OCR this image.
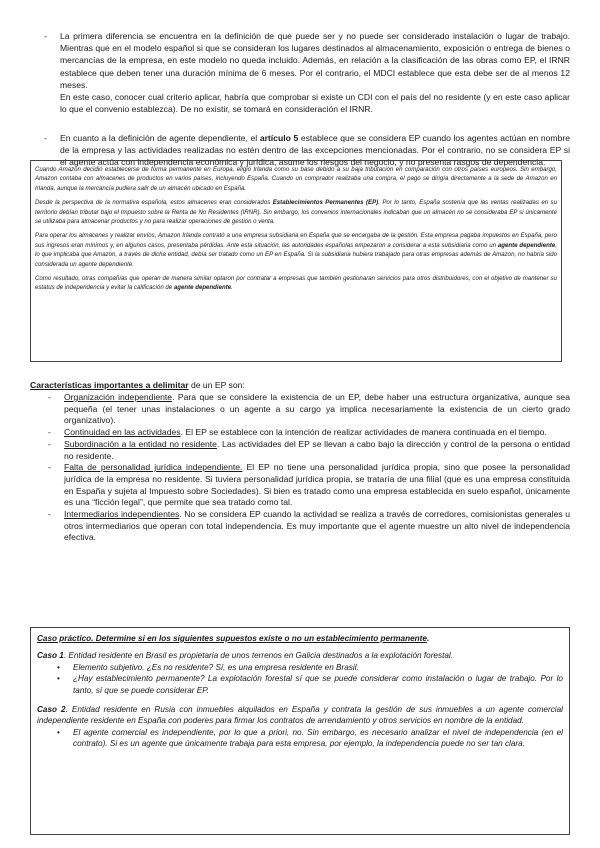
- La primera diferencia se encuentra en la definición de que puede ser y no puede ser considerado instalación o lugar de trabajo. Mientras que en el modelo español si que se consideran los lugares destinados al almacenamiento, exposición o entrega de bienes o mercancías de la empresa, en este modelo no queda incluido. Además, en relación a la clasificación de las obras como EP, el IRNR establece que deben tener una duración mínima de 6 meses. Por el contrario, el MDCI establece que esta debe ser de al menos 12 meses.

En este caso, conocer cual criterio aplicar, habría que comprobar si existe un CDI con el país del no residente (y en este caso aplicar lo que el convenio establezca). De no existir, se tomará en consideración el IRNR.

- En cuanto a la definición de agente dependiente, el artículo 5 establece que se considera EP cuando los agentes actúan en nombre de la empresa y las actividades realizadas no estén dentro de las excepciones mencionadas. Por el contrario, no se considera EP si el agente actúa con independencia económica y jurídica, asume los riesgos del negocio, y no presenta rasgos de dependencia.

Cuando Amazon decidió establecerse de forma permanente en Europa, eligió Irlanda como su base debido a su baja tributación en comparación con otros países europeos. Sin embargo, Amazon contaba con almacenes de productos en varios países, incluyendo España. Cuando un comprador realizaba una compra, el pago se dirigía directamente a la sede de Amazon en Irlanda, aunque la mercancía pudiera salir de un almacén ubicado en España.

Desde la perspectiva de la normativa española, estos almacenes eran considerados Establecimientos Permanentes (EP). Por lo tanto, España sostenía que las ventas realizadas en su territorio debían tributar bajo el Impuesto sobre la Renta de No Residentes (IRNR). Sin embargo, los convenios internacionales indicaban que un almacén no se consideraba EP si únicamente se utilizaba para almacenar productos y no para realizar operaciones de gestión o venta.

Para operar los almacenes y realizar envíos, Amazon Irlanda contrató a una empresa subsidiaria en España que se encargaba de la gestión. Esta empresa pagaba impuestos en España, pero sus ingresos eran mínimos y, en algunos casos, presentaba pérdidas. Ante esta situación, las autoridades españolas empezaron a considerar a esta subsidiaria como un agente dependiente, lo que implicaba que Amazon, a través de dicha entidad, debía ser tratado como un EP en España. Si la subsidiaria hubiera trabajado para otras empresas además de Amazon, no habría sido considerada un agente dependiente.

Como resultado, otras compañías que operan de manera similar optaron por contratar a empresas que también gestionaran servicios para otros distribuidores, con el objetivo de mantener su estatus de independencia y evitar la calificación de agente dependiente.

Características importantes a delimitar de un EP son:
- Organización independiente. Para que se considere la existencia de un EP, debe haber una estructura organizativa, aunque sea pequeña (el tener unas instalaciones o un agente a su cargo ya implica necesariamente la existencia de un cierto grado organizativo).
- Continuidad en las actividades. El EP se establece con la intención de realizar actividades de manera continuada en el tiempo.
- Subordinación a la entidad no residente. Las actividades del EP se llevan a cabo bajo la dirección y control de la persona o entidad no residente.
- Falta de personalidad jurídica independiente. El EP no tiene una personalidad jurídica propia, sino que posee la personalidad jurídica de la empresa no residente. Si tuviera personalidad jurídica propia, se trataría de una filial (que es una empresa constituida en España y sujeta al Impuesto sobre Sociedades). Si bien es tratado como una empresa establecida en suelo español, únicamente es una “ficción legal”, que permite que sea tratado como tal.
- Intermediarios independientes. No se considera EP cuando la actividad se realiza a través de corredores, comisionistas generales u otros intermediarios que operan con total independencia. Es muy importante que el agente muestre un alto nivel de independencia efectiva.
Caso práctico. Determine si en los siguientes supuestos existe o no un establecimiento permanente.
Caso 1. Entidad residente en Brasil es propietaria de unos terrenos en Galicia destinados a la explotación forestal.
• Elemento subjetivo. ¿Es no residente? Sí, es una empresa residente en Brasil.
• ¿Hay establecimiento permanente? La explotación forestal sí que se puede considerar como instalación o lugar de trabajo. Por lo tanto, sí que se puede considerar EP.
Caso 2. Entidad residente en Rusia con inmuebles alquilados en España y contrata la gestión de sus inmuebles a un agente comercial independiente residente en España con poderes para firmar los contratos de arrendamiento y otros servicios en nombre de la entidad.
• El agente comercial es independiente, por lo que a priori, no. Sin embargo, es necesario analizar el nivel de independencia (en el contrato). Si es un agente que únicamente trabaja para esta empresa, por ejemplo, la independencia puede no ser tan clara.
